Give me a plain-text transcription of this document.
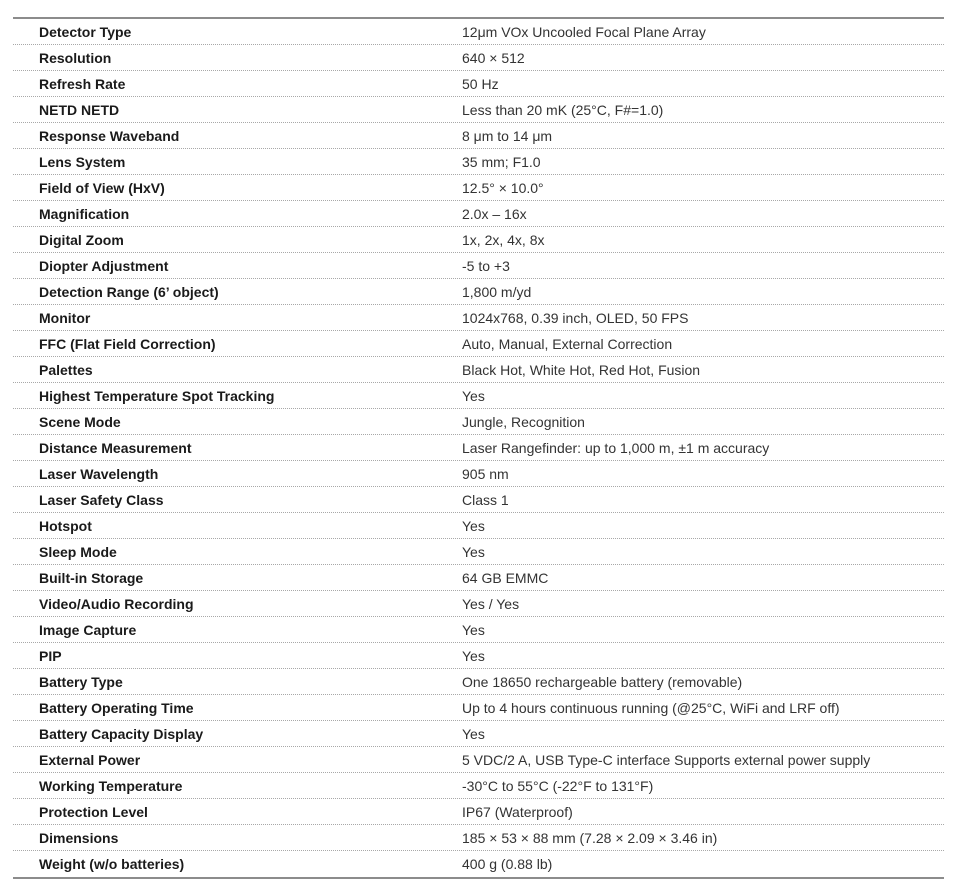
Detector Type	12μm VOx Uncooled Focal Plane Array
Resolution	640 × 512
Refresh Rate	50 Hz
NETD NETD	Less than 20 mK (25°C, F#=1.0)
Response Waveband	8 μm to 14 μm
Lens System	35 mm; F1.0
Field of View (HxV)	12.5° × 10.0°
Magnification	2.0x – 16x
Digital Zoom	1x, 2x, 4x, 8x
Diopter Adjustment	-5 to +3
Detection Range (6’ object)	1,800 m/yd
Monitor	1024x768, 0.39 inch, OLED, 50 FPS
FFC (Flat Field Correction)	Auto, Manual, External Correction
Palettes	Black Hot, White Hot, Red Hot, Fusion
Highest Temperature Spot Tracking	Yes
Scene Mode	Jungle, Recognition
Distance Measurement	Laser Rangefinder: up to 1,000 m, ±1 m accuracy
Laser Wavelength	905 nm
Laser Safety Class	Class 1
Hotspot	Yes
Sleep Mode	Yes
Built-in Storage	64 GB EMMC
Video/Audio Recording	Yes / Yes
Image Capture	Yes
PIP	Yes
Battery Type	One 18650 rechargeable battery (removable)
Battery Operating Time	Up to 4 hours continuous running (@25°C, WiFi and LRF off)
Battery Capacity Display	Yes
External Power	5 VDC/2 A, USB Type-C interface Supports external power supply
Working Temperature	-30°C to 55°C (-22°F to 131°F)
Protection Level	IP67 (Waterproof)
Dimensions	185 × 53 × 88 mm (7.28 × 2.09 × 3.46 in)
Weight (w/o batteries)	400 g (0.88 lb)
